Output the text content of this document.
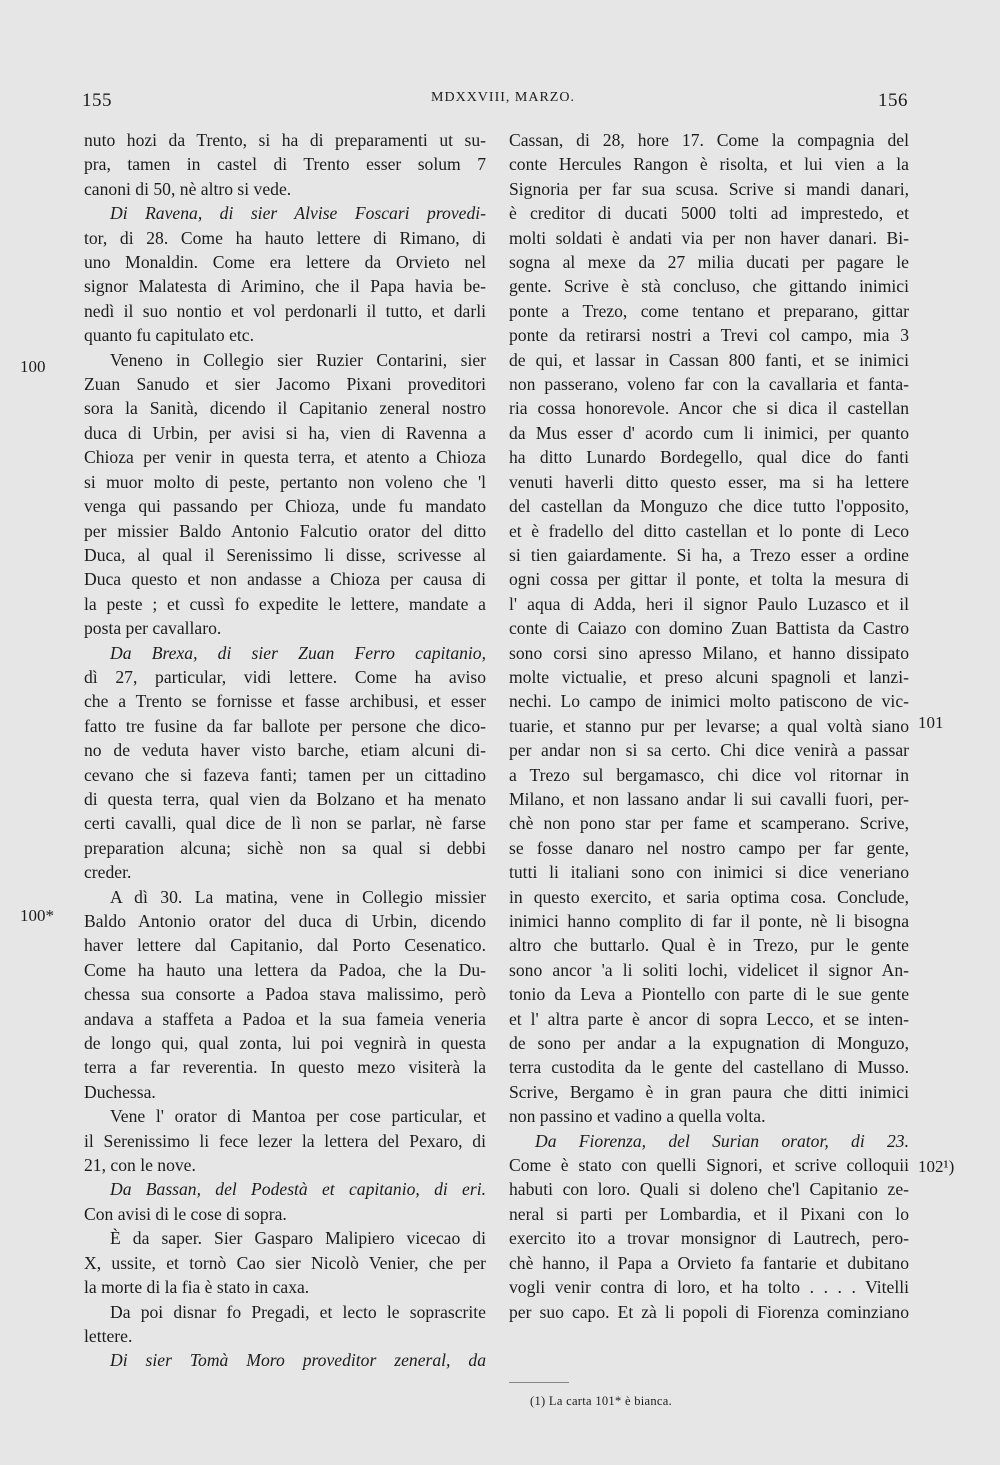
155	MDXXVIII, MARZO.	156
100
100*
101
102¹)
nuto hozi da Trento, si ha di preparamenti ut su-
pra, tamen in castel di Trento esser solum 7
canoni di 50, nè altro si vede.
Di Ravena, di sier Alvise Foscari provedi-
tor, di 28. Come ha hauto lettere di Rimano, di
uno Monaldin. Come era lettere da Orvieto nel
signor Malatesta di Arimino, che il Papa havia be-
nedì il suo nontio et vol perdonarli il tutto, et darli
quanto fu capitulato etc.
Veneno in Collegio sier Ruzier Contarini, sier
Zuan Sanudo et sier Jacomo Pixani proveditori
sora la Sanità, dicendo il Capitanio zeneral nostro
duca di Urbin, per avisi si ha, vien di Ravenna a
Chioza per venir in questa terra, et atento a Chioza
si muor molto di peste, pertanto non voleno che 'l
venga qui passando per Chioza, unde fu mandato
per missier Baldo Antonio Falcutio orator del ditto
Duca, al qual il Serenissimo li disse, scrivesse al
Duca questo et non andasse a Chioza per causa di
la peste ; et cussì fo expedite le lettere, mandate a
posta per cavallaro.
Da Brexa, di sier Zuan Ferro capitanio,
dì 27, particular, vidi lettere. Come ha aviso
che a Trento se fornisse et fasse archibusi, et esser
fatto tre fusine da far ballote per persone che dico-
no de veduta haver visto barche, etiam alcuni di-
cevano che si fazeva fanti; tamen per un cittadino
di questa terra, qual vien da Bolzano et ha menato
certi cavalli, qual dice de lì non se parlar, nè farse
preparation alcuna; sichè non sa qual si debbi
creder.
A dì 30. La matina, vene in Collegio missier
Baldo Antonio orator del duca di Urbin, dicendo
haver lettere dal Capitanio, dal Porto Cesenatico.
Come ha hauto una lettera da Padoa, che la Du-
chessa sua consorte a Padoa stava malissimo, però
andava a staffeta a Padoa et la sua fameia veneria
de longo qui, qual zonta, lui poi vegnirà in questa
terra a far reverentia. In questo mezo visiterà la
Duchessa.
Vene l' orator di Mantoa per cose particular, et
il Serenissimo li fece lezer la lettera del Pexaro, di
21, con le nove.
Da Bassan, del Podestà et capitanio, di eri.
Con avisi di le cose di sopra.
È da saper. Sier Gasparo Malipiero vicecao di
X, ussite, et tornò Cao sier Nicolò Venier, che per
la morte di la fia è stato in caxa.
Da poi disnar fo Pregadi, et lecto le soprascrite
lettere.
Di sier Tomà Moro proveditor zeneral, da
Cassan, di 28, hore 17. Come la compagnia del
conte Hercules Rangon è risolta, et lui vien a la
Signoria per far sua scusa. Scrive si mandi danari,
è creditor di ducati 5000 tolti ad imprestedo, et
molti soldati è andati via per non haver danari. Bi-
sogna al mexe da 27 milia ducati per pagare le
gente. Scrive è stà concluso, che gittando inimici
ponte a Trezo, come tentano et preparano, gittar
ponte da retirarsi nostri a Trevi col campo, mia 3
de qui, et lassar in Cassan 800 fanti, et se inimici
non passerano, voleno far con la cavallaria et fanta-
ria cossa honorevole. Ancor che si dica il castellan
da Mus esser d' acordo cum li inimici, per quanto
ha ditto Lunardo Bordegello, qual dice do fanti
venuti haverli ditto questo esser, ma si ha lettere
del castellan da Monguzo che dice tutto l'opposito,
et è fradello del ditto castellan et lo ponte di Leco
si tien gaiardamente. Si ha, a Trezo esser a ordine
ogni cossa per gittar il ponte, et tolta la mesura di
l' aqua di Adda, heri il signor Paulo Luzasco et il
conte di Caiazo con domino Zuan Battista da Castro
sono corsi sino apresso Milano, et hanno dissipato
molte victualie, et preso alcuni spagnoli et lanzi-
nechi. Lo campo de inimici molto patiscono de vic-
tuarie, et stanno pur per levarse; a qual voltà siano
per andar non si sa certo. Chi dice venirà a passar
a Trezo sul bergamasco, chi dice vol ritornar in
Milano, et non lassano andar li sui cavalli fuori, per-
chè non pono star per fame et scamperano. Scrive,
se fosse danaro nel nostro campo per far gente,
tutti li italiani sono con inimici si dice veneriano
in questo exercito, et saria optima cosa. Conclude,
inimici hanno complito di far il ponte, nè li bisogna
altro che buttarlo. Qual è in Trezo, pur le gente
sono ancor 'a li soliti lochi, videlicet il signor An-
tonio da Leva a Piontello con parte di le sue gente
et l' altra parte è ancor di sopra Lecco, et se inten-
de sono per andar a la expugnation di Monguzo,
terra custodita da le gente del castellano di Musso.
Scrive, Bergamo è in gran paura che ditti inimici
non passino et vadino a quella volta.
Da Fiorenza, del Surian orator, di 23.
Come è stato con quelli Signori, et scrive colloquii
habuti con loro. Quali si doleno che'l Capitanio ze-
neral si parti per Lombardia, et il Pixani con lo
exercito ito a trovar monsignor di Lautrech, pero-
chè hanno, il Papa a Orvieto fa fantarie et dubitano
vogli venir contra di loro, et ha tolto . . . . Vitelli
per suo capo. Et zà li popoli di Fiorenza cominziano
(1) La carta 101* è bianca.
